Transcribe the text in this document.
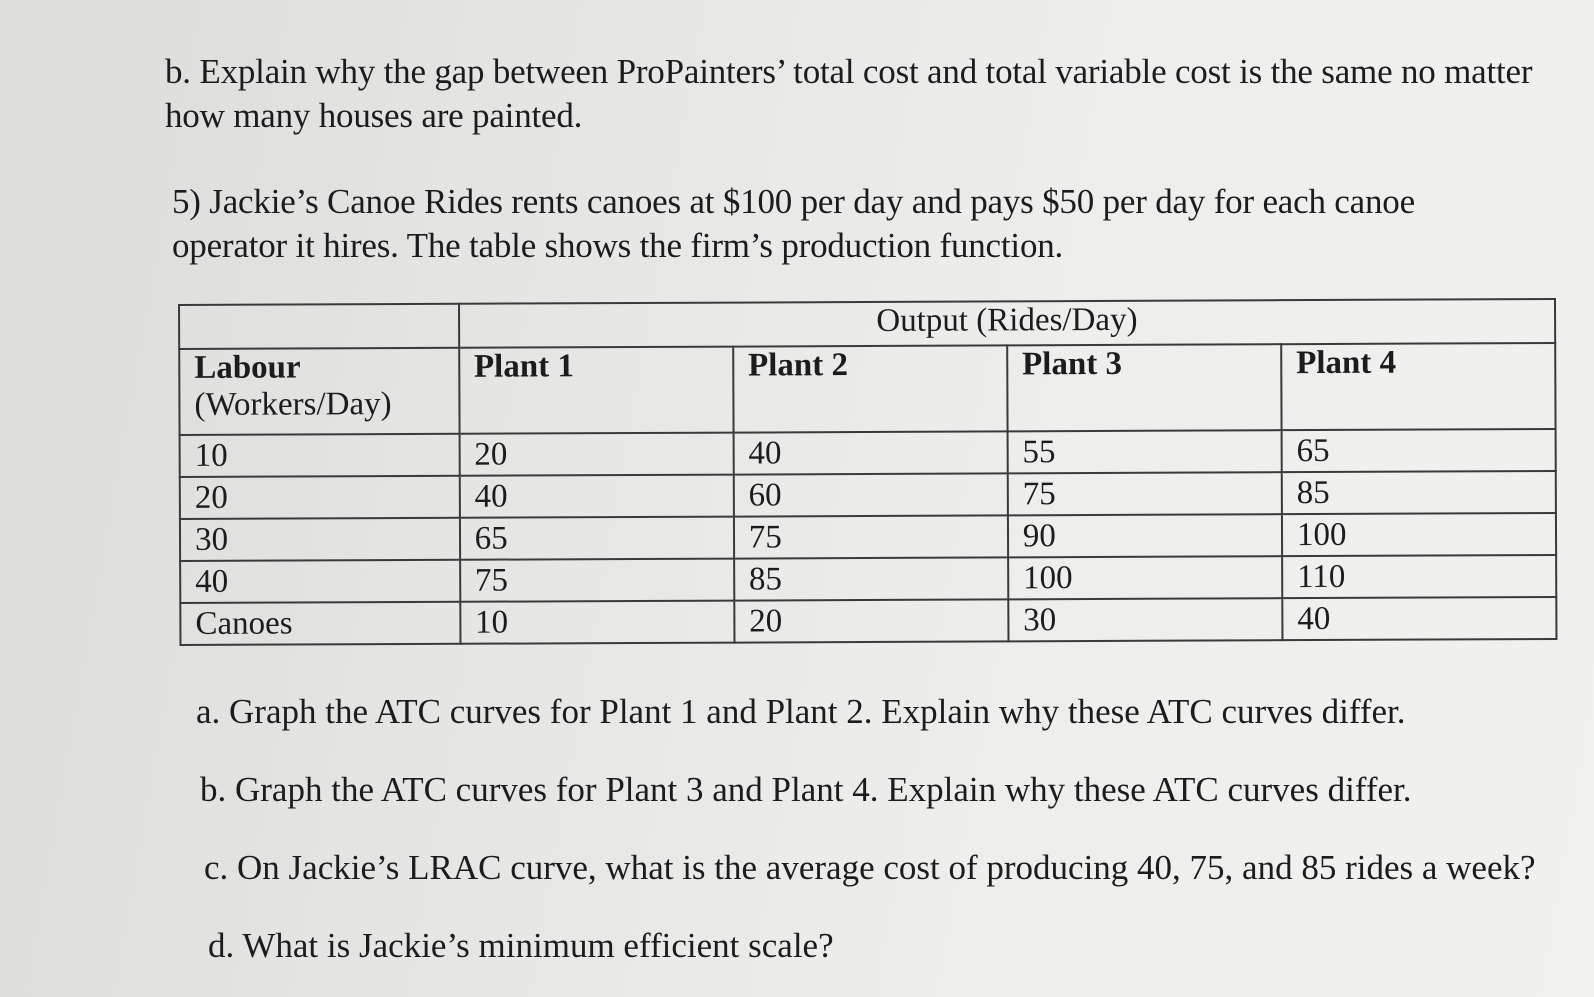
b. Explain why the gap between ProPainters’ total cost and total variable cost is the same no matter how many houses are painted.
5) Jackie’s Canoe Rides rents canoes at $100 per day and pays $50 per day for each canoe operator it hires. The table shows the firm’s production function.
	Output (Rides/Day)			
Labour
(Workers/Day)	Plant 1	Plant 2	Plant 3	Plant 4
10	20	40	55	65
20	40	60	75	85
30	65	75	90	100
40	75	85	100	110
Canoes	10	20	30	40
a. Graph the ATC curves for Plant 1 and Plant 2. Explain why these ATC curves differ.
b. Graph the ATC curves for Plant 3 and Plant 4. Explain why these ATC curves differ.
c. On Jackie’s LRAC curve, what is the average cost of producing 40, 75, and 85 rides a week?
d. What is Jackie’s minimum efficient scale?
